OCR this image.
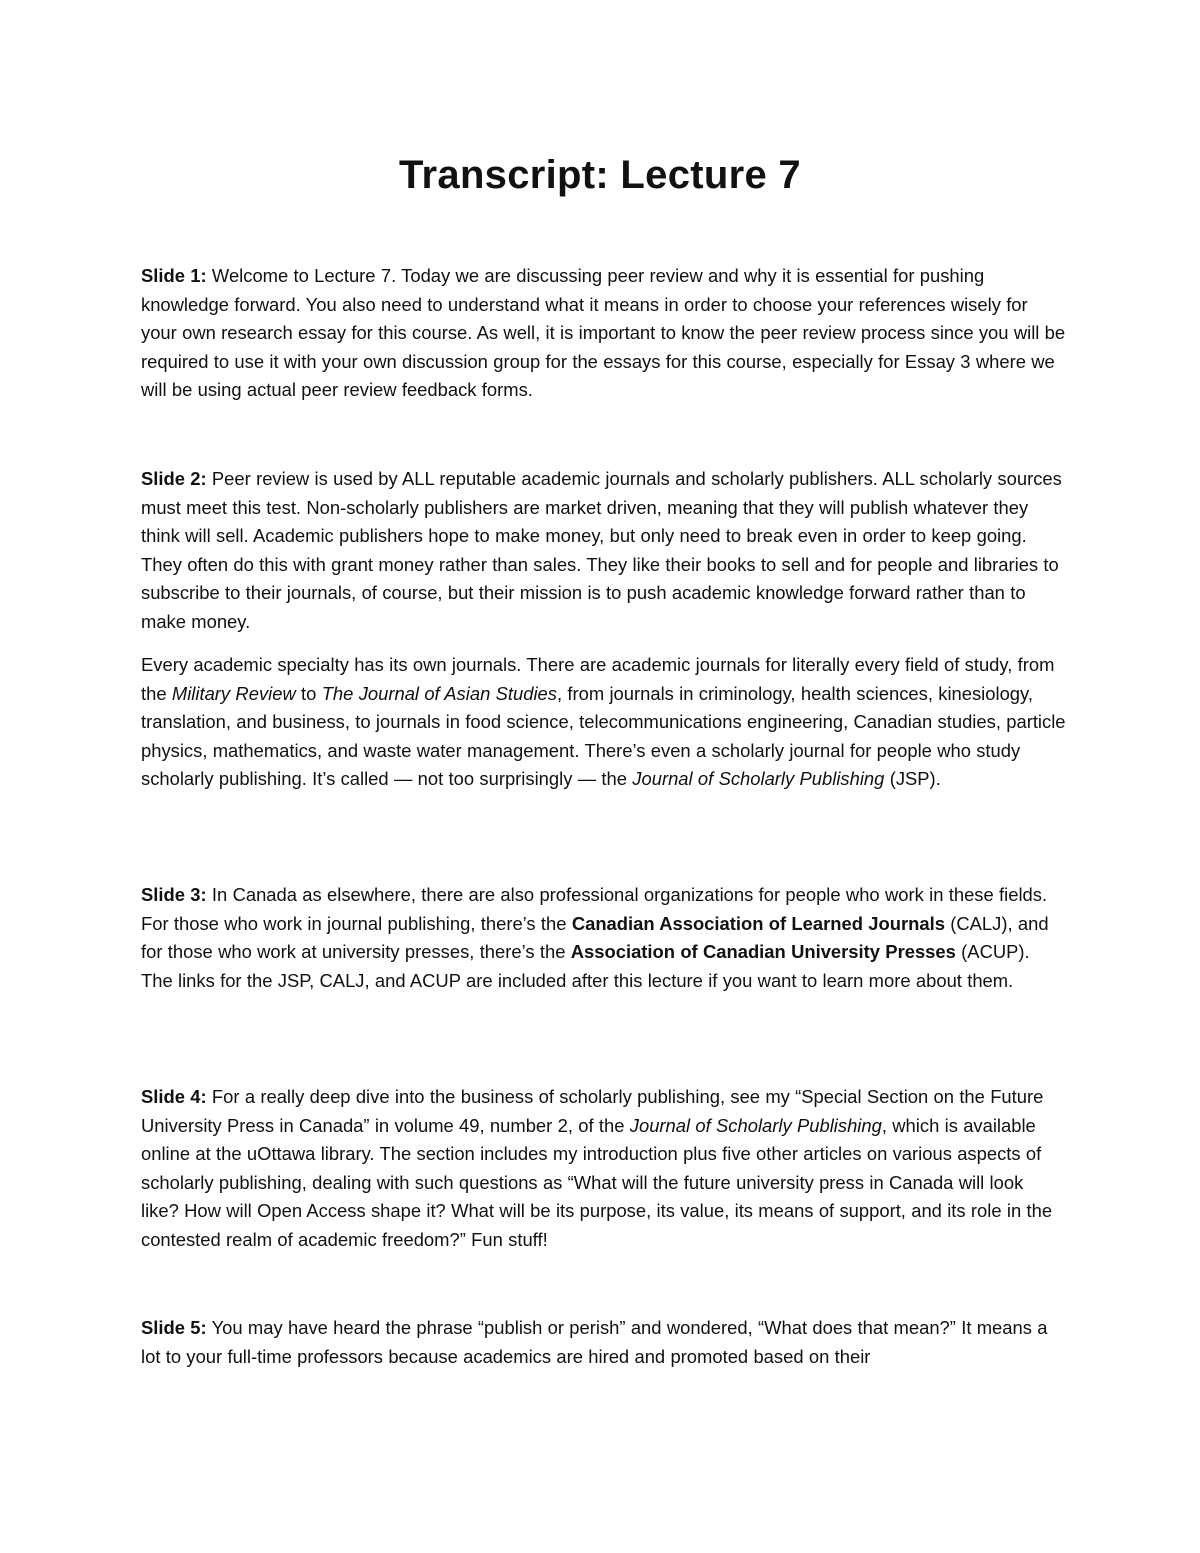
Transcript: Lecture 7

Slide 1: Welcome to Lecture 7. Today we are discussing peer review and why it is essential for pushing knowledge forward. You also need to understand what it means in order to choose your references wisely for your own research essay for this course. As well, it is important to know the peer review process since you will be required to use it with your own discussion group for the essays for this course, especially for Essay 3 where we will be using actual peer review feedback forms.

Slide 2: Peer review is used by ALL reputable academic journals and scholarly publishers. ALL scholarly sources must meet this test. Non-scholarly publishers are market driven, meaning that they will publish whatever they think will sell. Academic publishers hope to make money, but only need to break even in order to keep going. They often do this with grant money rather than sales. They like their books to sell and for people and libraries to subscribe to their journals, of course, but their mission is to push academic knowledge forward rather than to make money.

Every academic specialty has its own journals. There are academic journals for literally every field of study, from the Military Review to The Journal of Asian Studies, from journals in criminology, health sciences, kinesiology, translation, and business, to journals in food science, telecommunications engineering, Canadian studies, particle physics, mathematics, and waste water management. There’s even a scholarly journal for people who study scholarly publishing. It’s called — not too surprisingly — the Journal of Scholarly Publishing (JSP).

Slide 3: In Canada as elsewhere, there are also professional organizations for people who work in these fields. For those who work in journal publishing, there’s the Canadian Association of Learned Journals (CALJ), and for those who work at university presses, there’s the Association of Canadian University Presses (ACUP). The links for the JSP, CALJ, and ACUP are included after this lecture if you want to learn more about them.

Slide 4: For a really deep dive into the business of scholarly publishing, see my “Special Section on the Future University Press in Canada” in volume 49, number 2, of the Journal of Scholarly Publishing, which is available online at the uOttawa library. The section includes my introduction plus five other articles on various aspects of scholarly publishing, dealing with such questions as “What will the future university press in Canada will look like? How will Open Access shape it? What will be its purpose, its value, its means of support, and its role in the contested realm of academic freedom?” Fun stuff!

Slide 5: You may have heard the phrase “publish or perish” and wondered, “What does that mean?” It means a lot to your full-time professors because academics are hired and promoted based on their
